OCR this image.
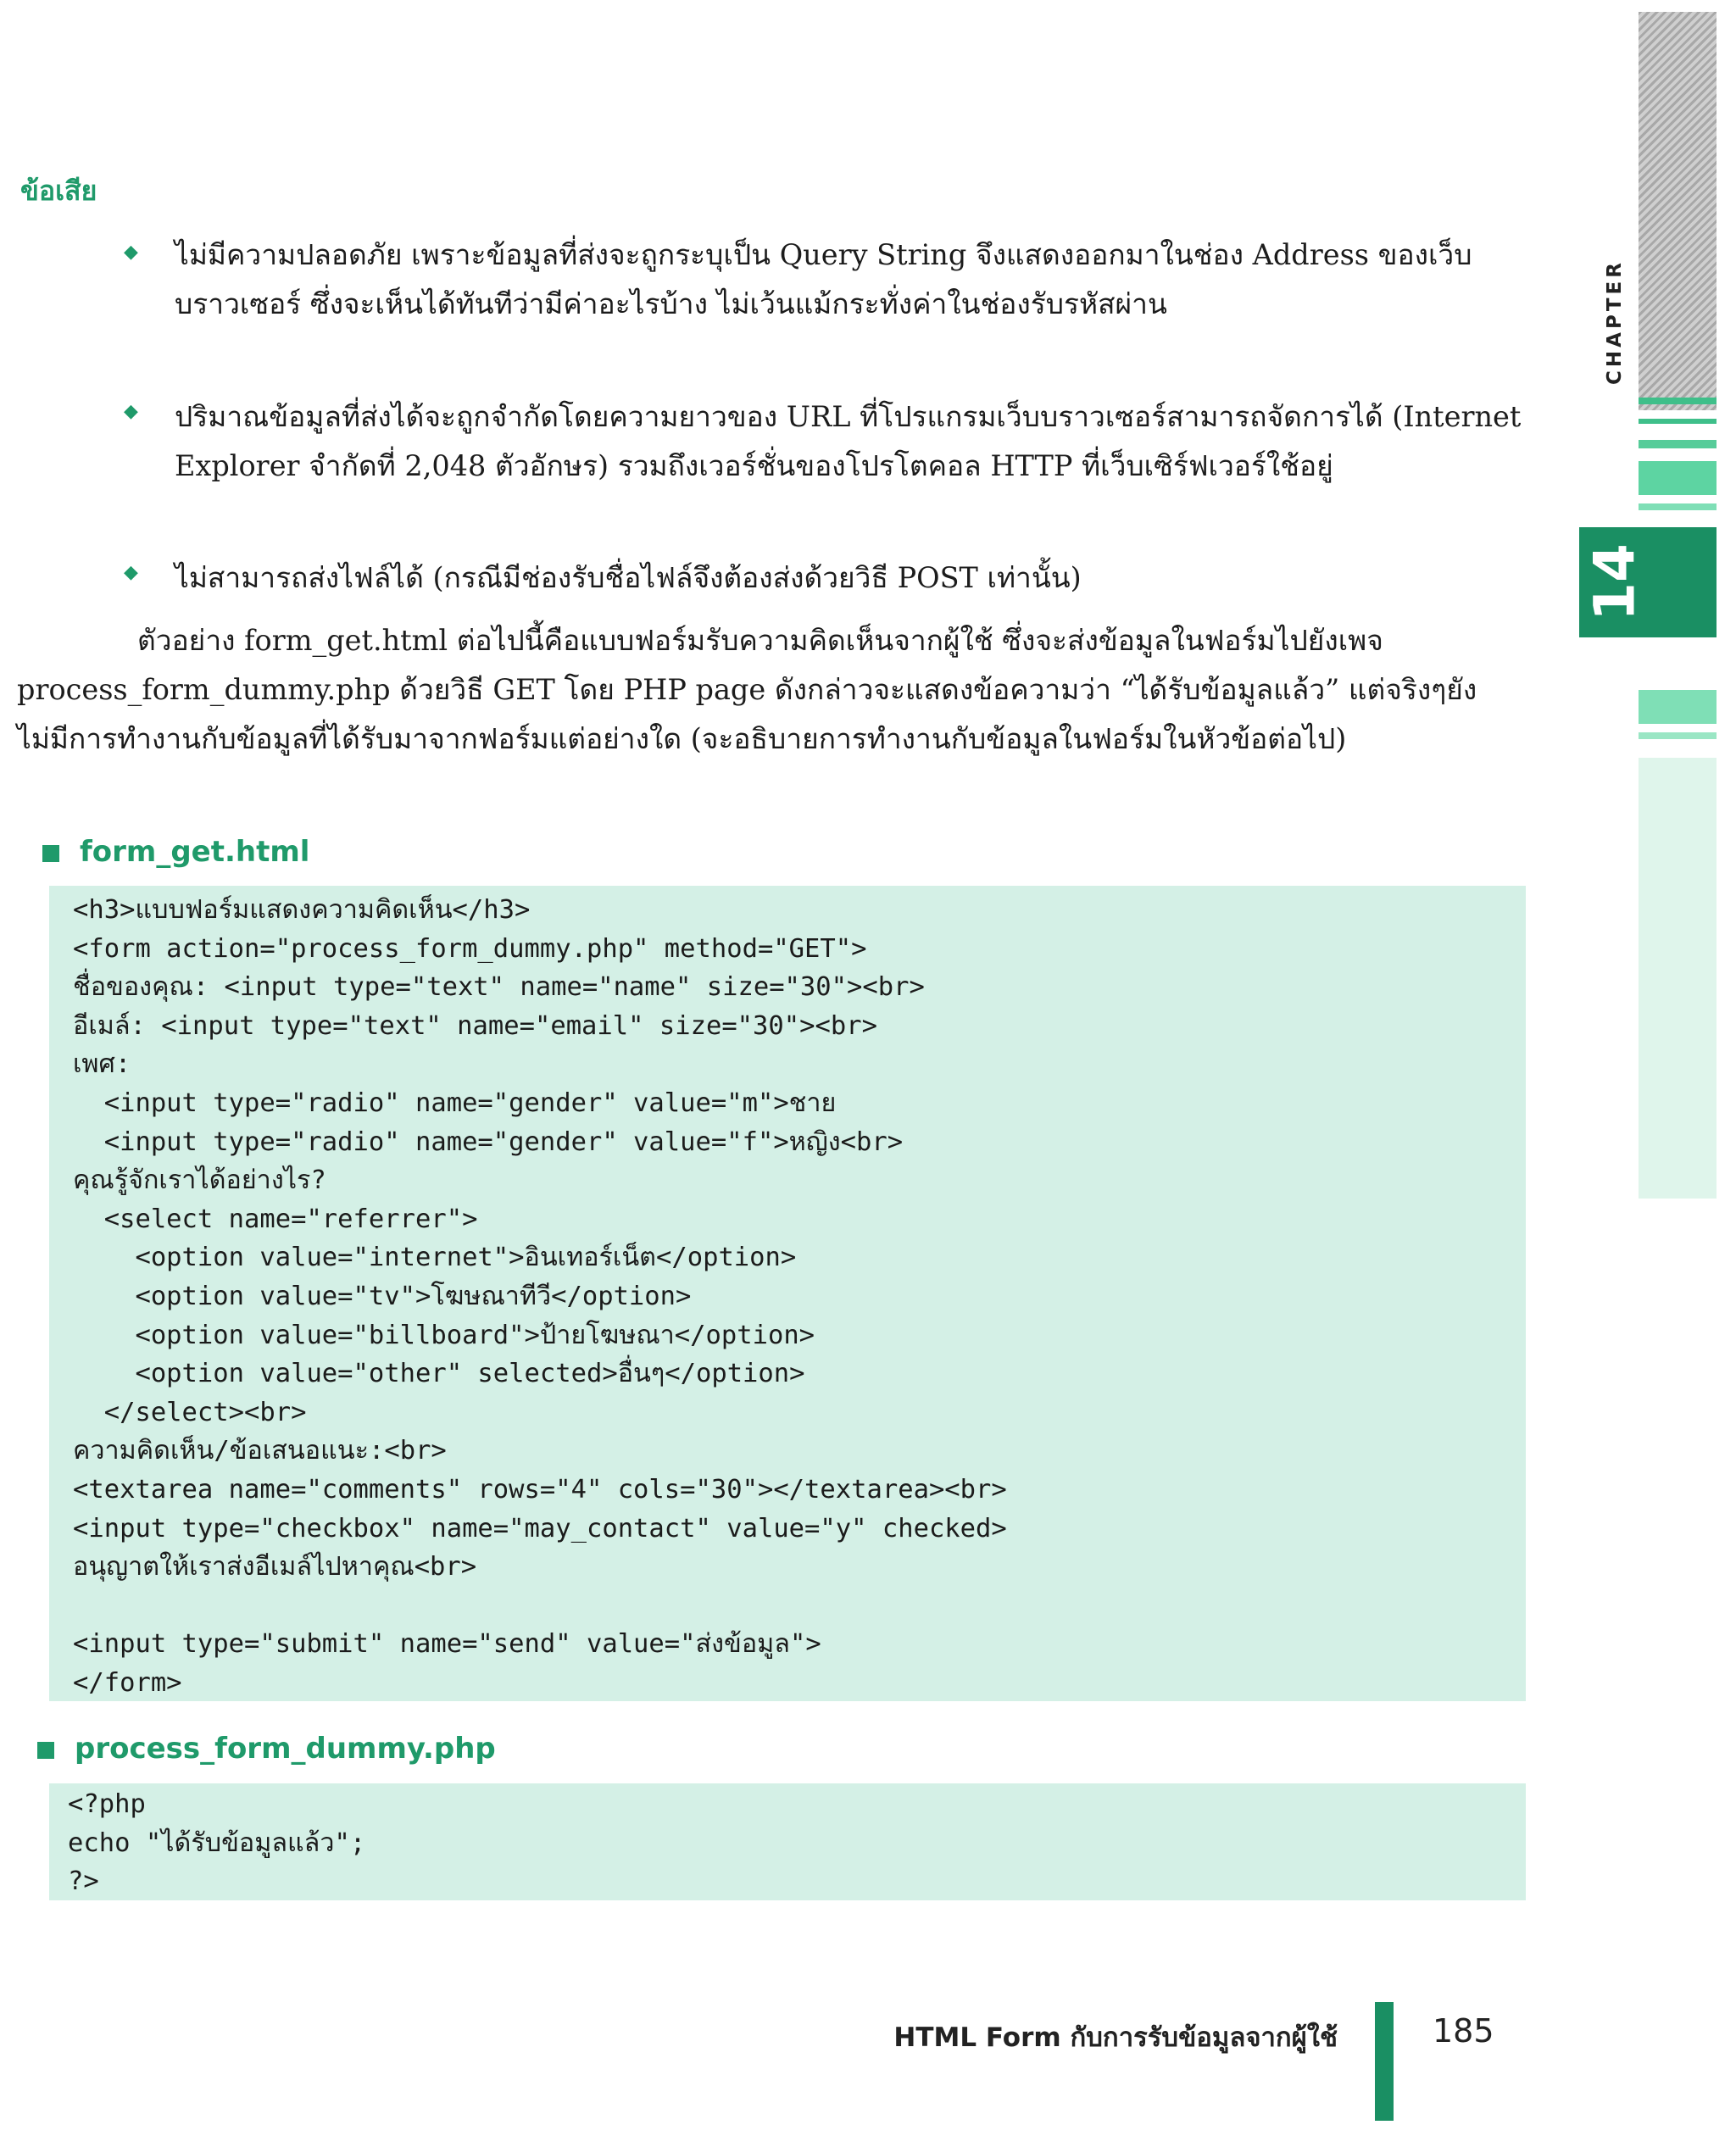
CHAPTER
14
ข้อเสีย
◆	ไม่มีความปลอดภัย เพราะข้อมูลที่ส่งจะถูกระบุเป็น Query String จึงแสดงออกมาในช่อง Address ของเว็บบราวเซอร์ ซึ่งจะเห็นได้ทันทีว่ามีค่าอะไรบ้าง ไม่เว้นแม้กระทั่งค่าในช่องรับรหัสผ่าน

◆	ปริมาณข้อมูลที่ส่งได้จะถูกจำกัดโดยความยาวของ URL ที่โปรแกรมเว็บบราวเซอร์สามารถจัดการได้ (Internet Explorer จำกัดที่ 2,048 ตัวอักษร) รวมถึงเวอร์ชั่นของโปรโตคอล HTTP ที่เว็บเซิร์ฟเวอร์ใช้อยู่

◆	ไม่สามารถส่งไฟล์ได้ (กรณีมีช่องรับชื่อไฟล์จึงต้องส่งด้วยวิธี POST เท่านั้น)

ตัวอย่าง form_get.html ต่อไปนี้คือแบบฟอร์มรับความคิดเห็นจากผู้ใช้ ซึ่งจะส่งข้อมูลในฟอร์มไปยังเพจ process_form_dummy.php ด้วยวิธี GET โดย PHP page ดังกล่าวจะแสดงข้อความว่า “ได้รับข้อมูลแล้ว” แต่จริงๆยังไม่มีการทำงานกับข้อมูลที่ได้รับมาจากฟอร์มแต่อย่างใด (จะอธิบายการทำงานกับข้อมูลในฟอร์มในหัวข้อต่อไป)

form_get.html
<h3>แบบฟอร์มแสดงความคิดเห็น</h3>
<form action="process_form_dummy.php" method="GET">
ชื่อของคุณ: <input type="text" name="name" size="30"><br>
อีเมล์: <input type="text" name="email" size="30"><br>
เพศ:
<input type="radio" name="gender" value="m">ชาย
<input type="radio" name="gender" value="f">หญิง<br>
คุณรู้จักเราได้อย่างไร?
<select name="referrer">
<option value="internet">อินเทอร์เน็ต</option>
<option value="tv">โฆษณาทีวี</option>
<option value="billboard">ป้ายโฆษณา</option>
<option value="other" selected>อื่นๆ</option>
</select><br>
ความคิดเห็น/ข้อเสนอแนะ:<br>
<textarea name="comments" rows="4" cols="30"></textarea><br>
<input type="checkbox" name="may_contact" value="y" checked>
อนุญาตให้เราส่งอีเมล์ไปหาคุณ<br>

<input type="submit" name="send" value="ส่งข้อมูล">
</form>
process_form_dummy.php
<?php
echo "ได้รับข้อมูลแล้ว";
?>
HTML Form กับการรับข้อมูลจากผู้ใช้	185
